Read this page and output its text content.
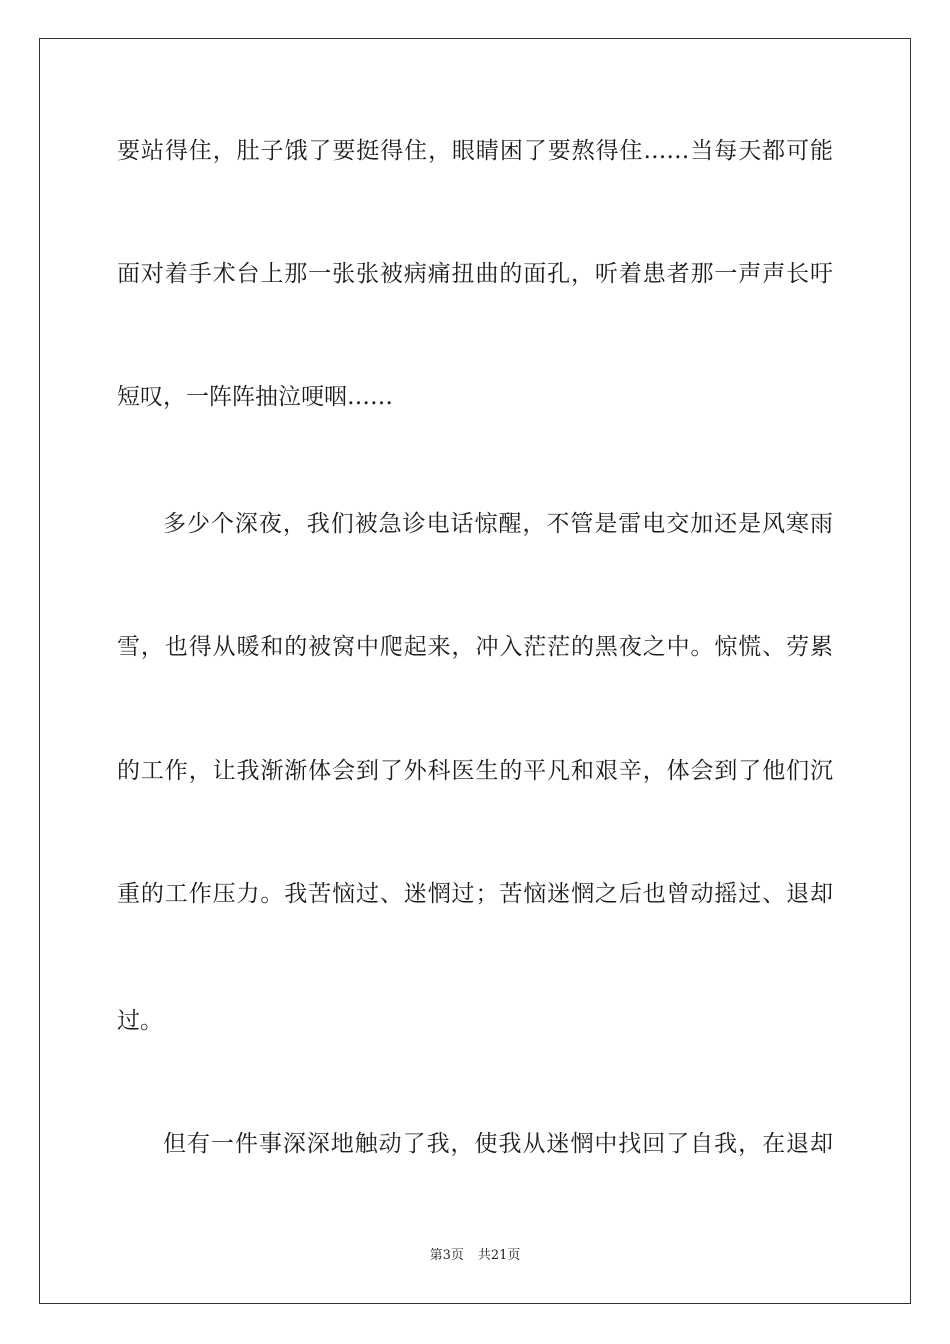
要站得住，肚子饿了要挺得住，眼睛困了要熬得住……当每天都可能
面对着手术台上那一张张被病痛扭曲的面孔，听着患者那一声声长吁
短叹，一阵阵抽泣哽咽……
多少个深夜，我们被急诊电话惊醒，不管是雷电交加还是风寒雨
雪，也得从暖和的被窝中爬起来，冲入茫茫的黑夜之中。惊慌、劳累
的工作，让我渐渐体会到了外科医生的平凡和艰辛，体会到了他们沉
重的工作压力。我苦恼过、迷惘过；苦恼迷惘之后也曾动摇过、退却
过。
但有一件事深深地触动了我，使我从迷惘中找回了自我，在退却
第3页 共21页
